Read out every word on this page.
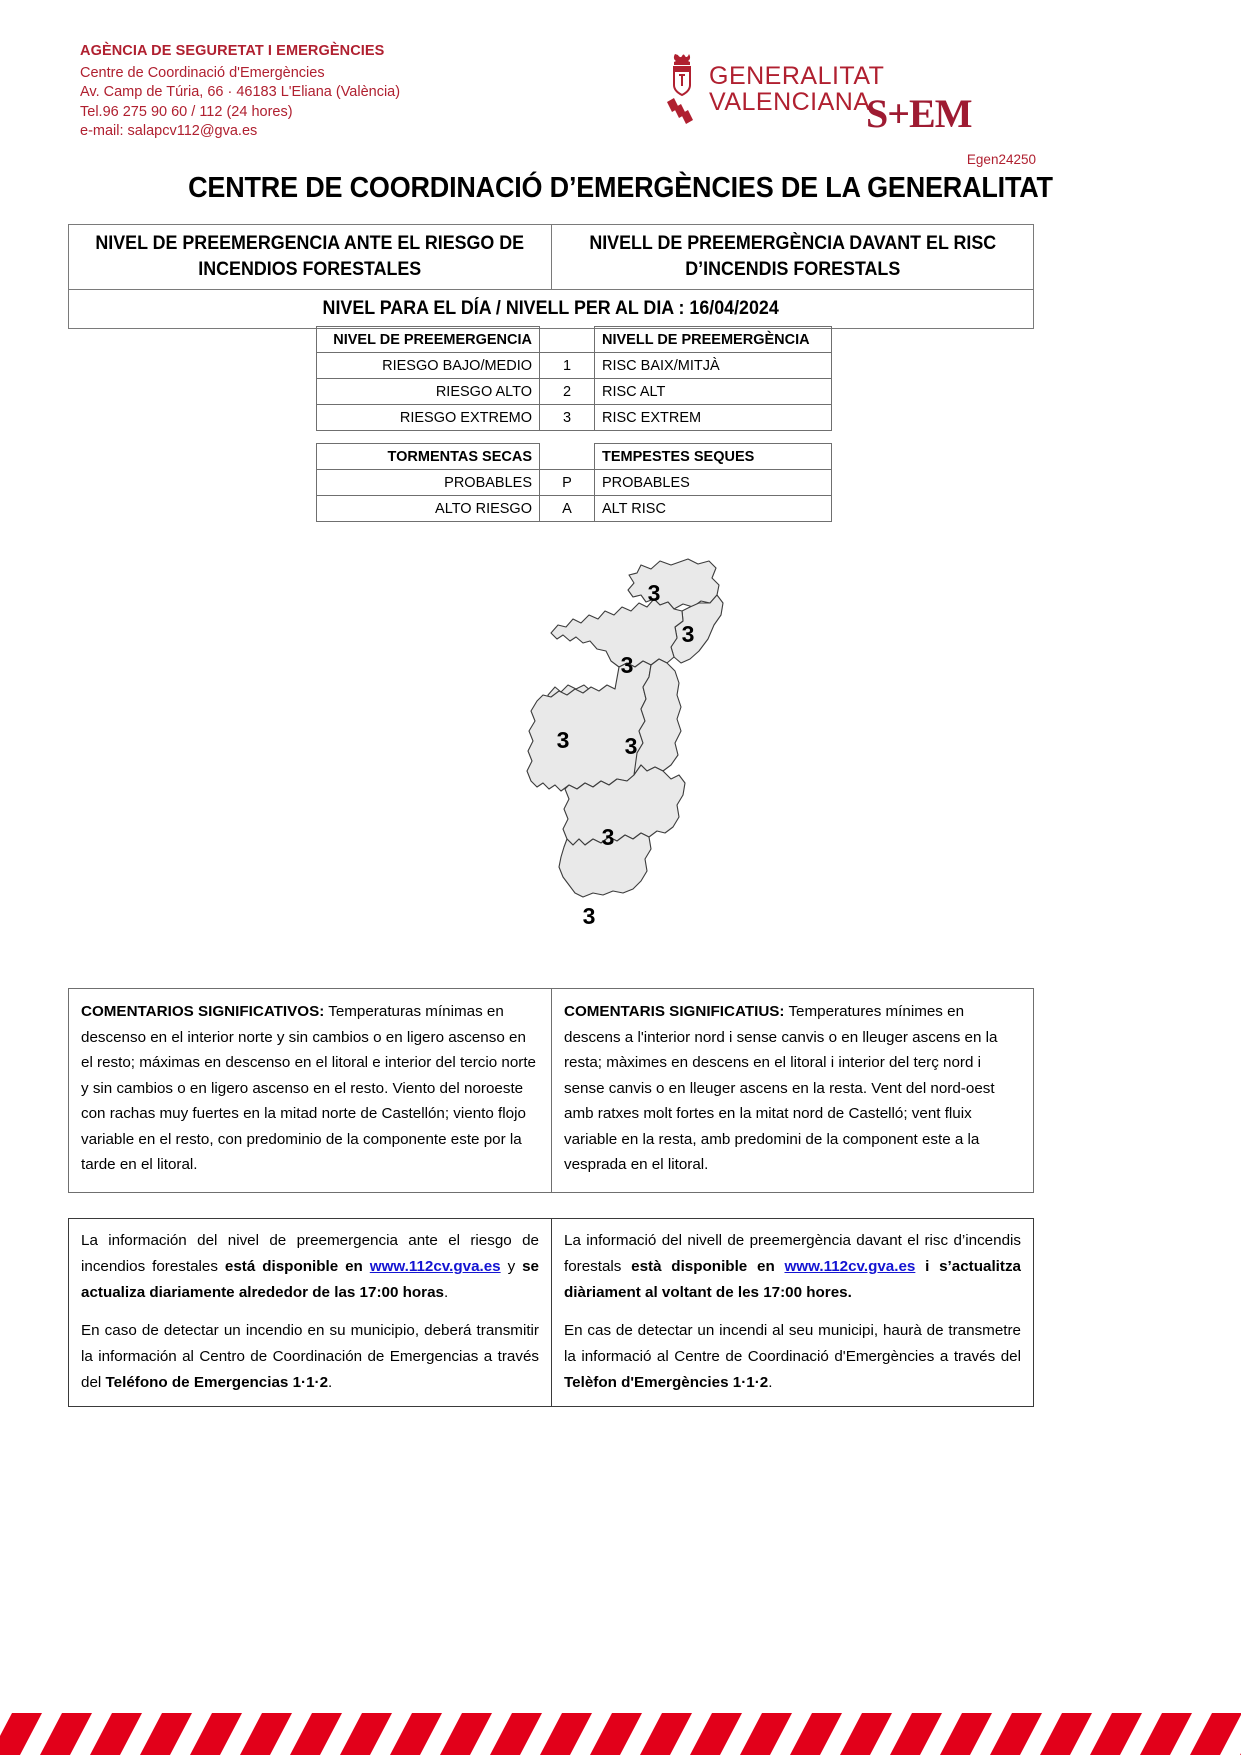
AGÈNCIA DE SEGURETAT I EMERGÈNCIES
Centre de Coordinació d'Emergències
Av. Camp de Túria, 66 · 46183 L'Eliana (València)
Tel.96 275 90 60 / 112 (24 hores)
e-mail: salapcv112@gva.es
GENERALITAT
VALENCIANA
S+EM
Egen24250
CENTRE DE COORDINACIÓ D’EMERGÈNCIES DE LA GENERALITAT
NIVEL DE PREEMERGENCIA ANTE EL RIESGO DE INCENDIOS FORESTALES	NIVELL DE PREEMERGÈNCIA DAVANT EL RISC D’INCENDIS FORESTALS
NIVEL PARA EL DÍA / NIVELL PER AL DIA : 16/04/2024
NIVEL DE PREEMERGENCIA		NIVELL DE PREEMERGÈNCIA
RIESGO BAJO/MEDIO	1	RISC BAIX/MITJÀ
RIESGO ALTO	2	RISC ALT
RIESGO EXTREMO	3	RISC EXTREM
TORMENTAS SECAS		TEMPESTES SEQUES
PROBABLES	P	PROBABLES
ALTO RIESGO	A	ALT RISC
3
3
3
3 3
3
3
COMENTARIOS SIGNIFICATIVOS: Temperaturas mínimas en descenso en el interior norte y sin cambios o en ligero ascenso en el resto; máximas en descenso en el litoral e interior del tercio norte y sin cambios o en ligero ascenso en el resto. Viento del noroeste con rachas muy fuertes en la mitad norte de Castellón; viento flojo variable en el resto, con predominio de la componente este por la tarde en el litoral.
COMENTARIS SIGNIFICATIUS: Temperatures mínimes en descens a l'interior nord i sense canvis o en lleuger ascens en la resta; màximes en descens en el litoral i interior del terç nord i sense canvis o en lleuger ascens en la resta. Vent del nord-oest amb ratxes molt fortes en la mitat nord de Castelló; vent fluix variable en la resta, amb predomini de la component este a la vesprada en el litoral.

La información del nivel de preemergencia ante el riesgo de incendios forestales está disponible en www.112cv.gva.es y se actualiza diariamente alrededor de las 17:00 horas.

En caso de detectar un incendio en su municipio, deberá transmitir la información al Centro de Coordinación de Emergencias a través del Teléfono de Emergencias 1·1·2.

La informació del nivell de preemergència davant el risc d’incendis forestals està disponible en www.112cv.gva.es i s’actualitza diàriament al voltant de les 17:00 hores.

En cas de detectar un incendi al seu municipi, haurà de transmetre la informació al Centre de Coordinació d'Emergències a través del Telèfon d'Emergències 1·1·2.
